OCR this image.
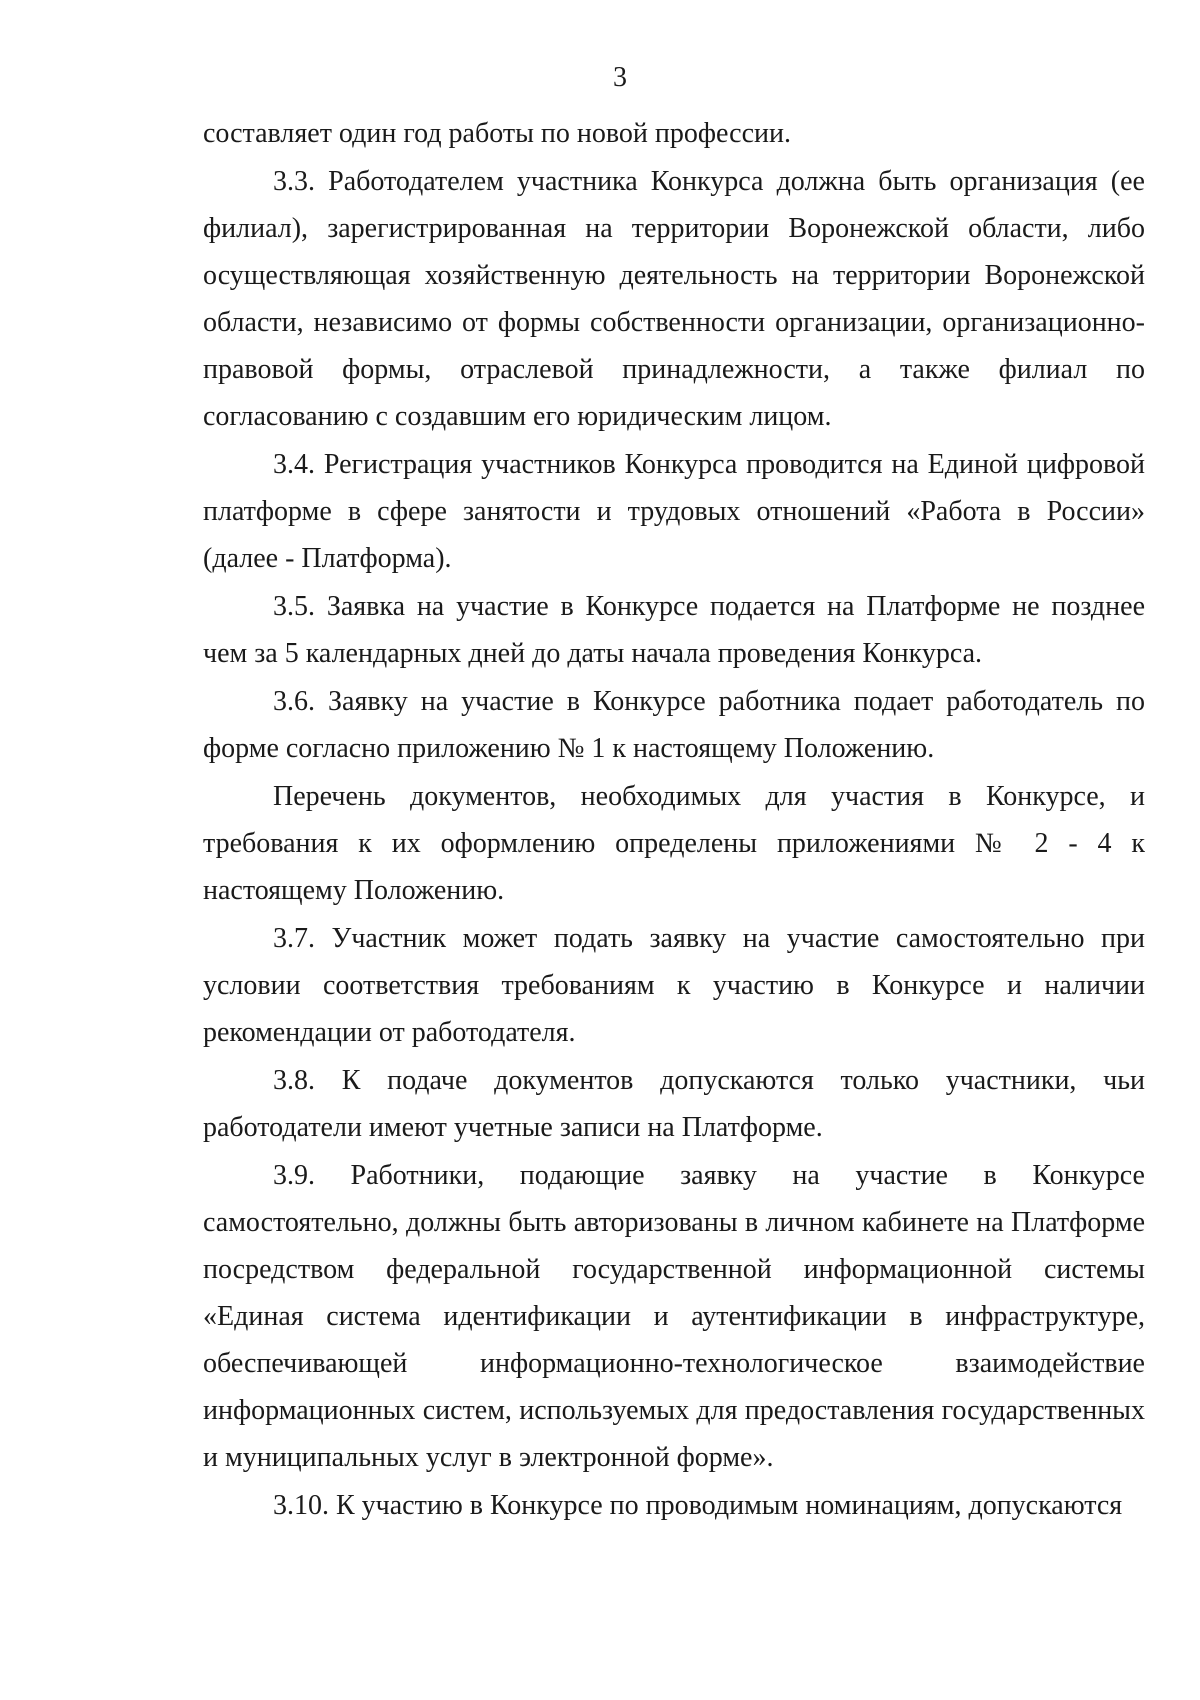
3

составляет один год работы по новой профессии.

3.3. Работодателем участника Конкурса должна быть организация (ее филиал), зарегистрированная на территории Воронежской области, либо осуществляющая хозяйственную деятельность на территории Воронежской области, независимо от формы собственности организации, организационно-правовой формы, отраслевой принадлежности, а также филиал по согласованию с создавшим его юридическим лицом.

3.4. Регистрация участников Конкурса проводится на Единой цифровой платформе в сфере занятости и трудовых отношений «Работа в России» (далее - Платформа).

3.5. Заявка на участие в Конкурсе подается на Платформе не позднее чем за 5 календарных дней до даты начала проведения Конкурса.

3.6. Заявку на участие в Конкурсе работника подает работодатель по форме согласно приложению № 1 к настоящему Положению.

Перечень документов, необходимых для участия в Конкурсе, и требования к их оформлению определены приложениями № 2 - 4 к настоящему Положению.

3.7. Участник может подать заявку на участие самостоятельно при условии соответствия требованиям к участию в Конкурсе и наличии рекомендации от работодателя.

3.8. К подаче документов допускаются только участники, чьи работодатели имеют учетные записи на Платформе.

3.9. Работники, подающие заявку на участие в Конкурсе самостоятельно, должны быть авторизованы в личном кабинете на Платформе посредством федеральной государственной информационной системы «Единая система идентификации и аутентификации в инфраструктуре, обеспечивающей информационно-технологическое взаимодействие информационных систем, используемых для предоставления государственных и муниципальных услуг в электронной форме».

3.10. К участию в Конкурсе по проводимым номинациям, допускаются
